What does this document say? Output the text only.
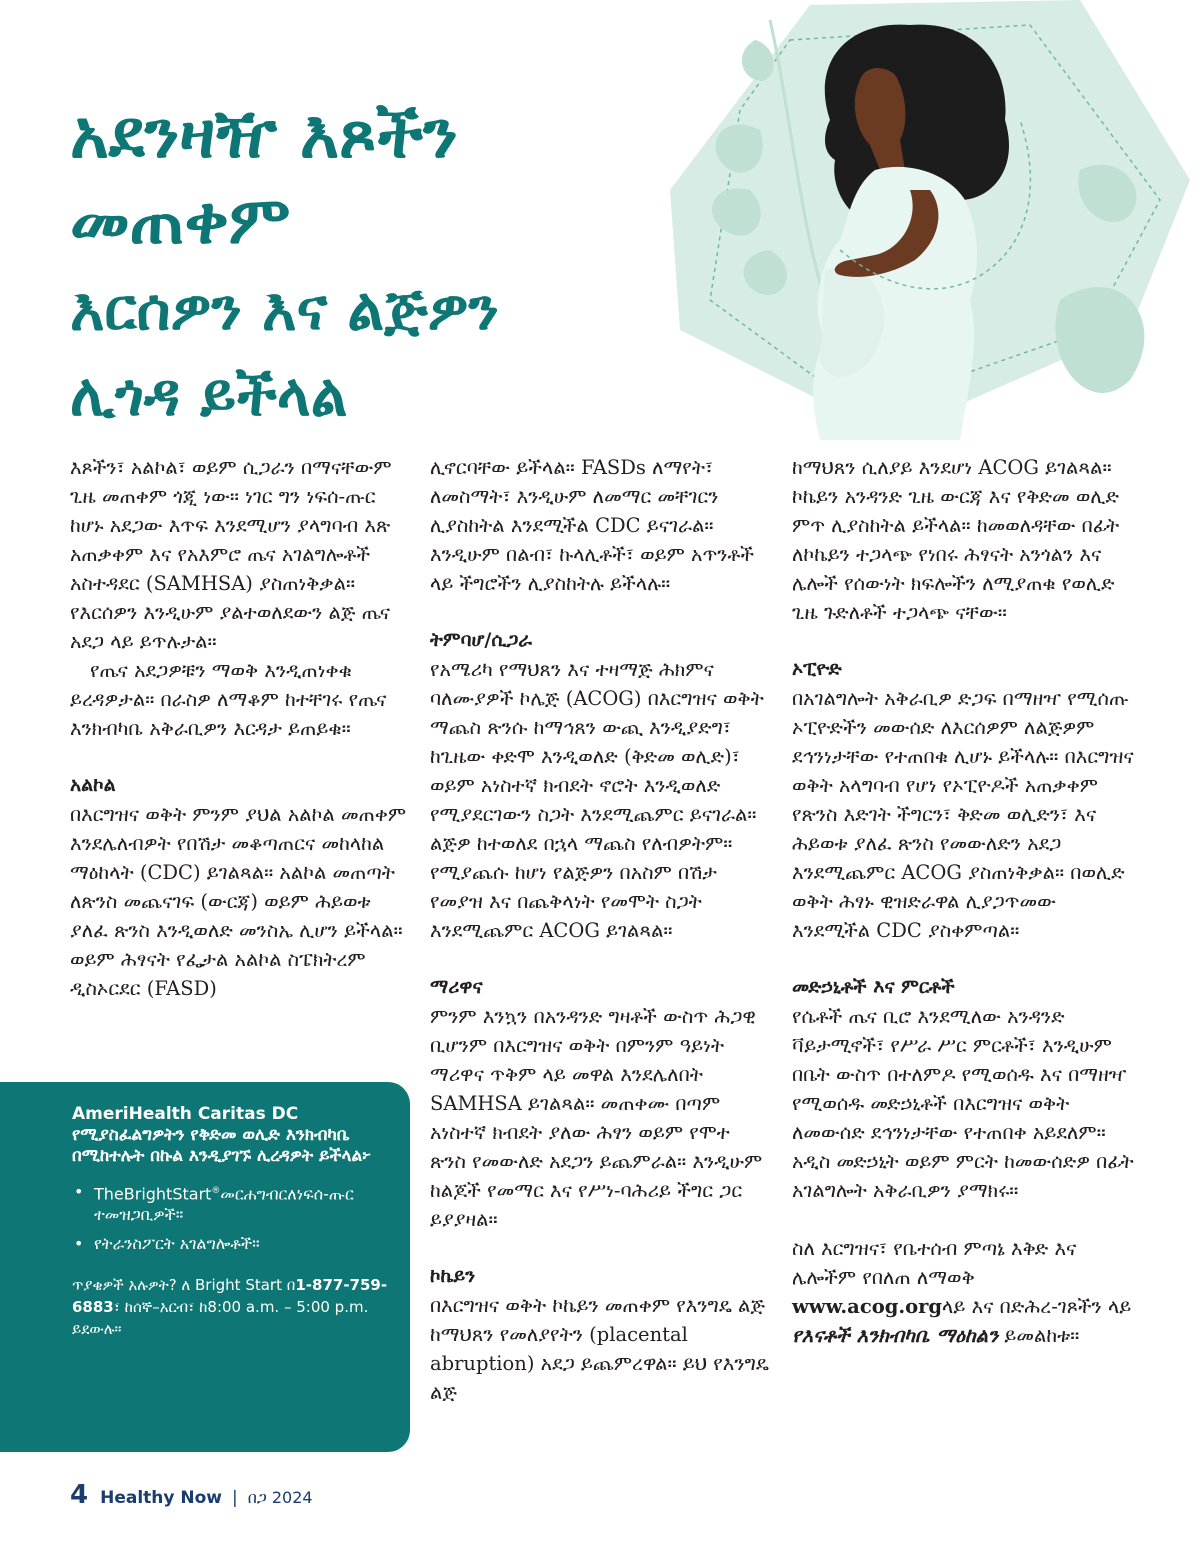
አደንዛዥ እጾችን
መጠቀም
እርሰዎን እና ልጅዎን
ሊጎዳ ይችላል

እጾችን፣ አልኮል፣ ወይም ሲጋራን በማናቸውም ጊዜ መጠቀም ጎጂ ነው። ነገር ግን ነፍሰ-ጡር ከሆኑ አደጋው እጥፍ እንደሚሆን ያላግባብ እጽ አጠቃቀም እና የአእምሮ ጤና አገልግሎቶች አስተዳደር (SAMHSA) ያስጠነቅቃል። የእርሰዎን እንዲሁም ያልተወለደውን ልጅ ጤና አደጋ ላይ ይጥሉታል።

የጤና አደጋዎቹን ማወቅ እንዲጠነቀቁ ይረዳዎታል። በራስዎ ለማቆም ከተቸገሩ የጤና እንክብካቤ አቅራቢዎን እርዳታ ይጠይቁ።

አልኮል

በእርግዝና ወቅት ምንም ያህል አልኮል መጠቀም እንደሌለብዎት የበሽታ መቆጣጠርና መከላከል ማዕከላት (CDC) ይገልጻል። አልኮል መጠጣት ለጽንስ መጨናገፍ (ውርጃ) ወይም ሕይወቱ ያለፈ ጽንስ እንዲወለድ መንስኤ ሊሆን ይችላል። ወይም ሕፃናት የፌታል አልኮል ስፔክትረም ዲስኦርደር (FASD)

ሊኖርባቸው ይችላል። FASDs ለማየት፣ ለመስማት፣ እንዲሁም ለመማር መቸገርን ሊያስከትል እንደሚችል CDC ይናገራል። እንዲሁም በልብ፣ ኩላሊቶች፣ ወይም አጥንቶች ላይ ችግሮችን ሊያስከትሉ ይችላሉ።

ትምባሆ/ሲጋራ

የአሜሪካ የማህጸን እና ተዛማጅ ሕክምና ባለሙያዎች ኮሌጅ (ACOG) በእርግዝና ወቅት ማጨስ ጽንሱ ከማኅጸን ውጪ እንዲያድግ፣ ከጊዜው ቀድሞ እንዲወለድ (ቅድመ ወሊድ)፣ ወይም አነስተኛ ክብደት ኖሮት እንዲወለድ የሚያደርገውን ስጋት እንደሚጨምር ይናገራል። ልጅዎ ከተወለደ በኋላ ማጨስ የለብዎትም። የሚያጨሱ ከሆነ የልጅዎን በአስም በሽታ የመያዝ እና በጨቅላነት የመሞት ስጋት እንደሚጨምር ACOG ይገልጻል።

ማሪዋና

ምንም እንኳን በአንዳንድ ግዛቶች ውስጥ ሕጋዊ ቢሆንም በእርግዝና ወቅት በምንም ዓይነት ማሪዋና ጥቅም ላይ መዋል እንደሌለበት SAMHSA ይገልጻል። መጠቀሙ በጣም አነስተኛ ክብደት ያለው ሕፃን ወይም የሞተ ጽንስ የመውለድ አደጋን ይጨምራል። እንዲሁም ከልጆች የመማር እና የሥነ-ባሕሪይ ችግር ጋር ይያያዛል።

ኮኬይን

በእርግዝና ወቅት ኮኬይን መጠቀም የእንግዴ ልጅ ከማህጸን የመለያየትን (placental abruption) አደጋ ይጨምረዋል። ይህ የእንግዴ ልጅ

ከማህጸን ሲለያይ እንደሆነ ACOG ይገልጻል። ኮኬይን አንዳንድ ጊዜ ውርጃ እና የቅድመ ወሊድ ምጥ ሊያስከትል ይችላል። ከመወለዳቸው በፊት ለኮኬይን ተጋላጭ የነበሩ ሕፃናት አንጎልን እና ሌሎች የሰውነት ክፍሎችን ለሚያጠቁ የወሊድ ጊዜ ጉድለቶች ተጋላጭ ናቸው።

ኦፒዮድ

በአገልግሎት አቅራቢዎ ድጋፍ በማዘዣ የሚሰጡ ኦፒዮድችን መውሰድ ለእርሰዎም ለልጅዎም ደኅንነታቸው የተጠበቁ ሊሆኑ ይችላሉ። በእርግዝና ወቅት አላግባብ የሆነ የኦፒዮዶች አጠቃቀም የጽንስ እድገት ችግርን፣ ቅድመ ወሊድን፣ እና ሕይወቱ ያለፈ ጽንስ የመውለድን አደጋ እንደሚጨምር ACOG ያስጠነቅቃል። በወሊድ ወቅት ሕፃኑ ዊዝድራዋል ሊያጋጥመው እንደሚችል CDC ያስቀምጣል።

መድኃኒቶች እና ምርቶች

የሴቶች ጤና ቢሮ እንደሚለው አንዳንድ ቫይታሚኖች፣ የሥራ ሥር ምርቶች፣ እንዲሁም በቤት ውስጥ በተለምዶ የሚወሰዱ እና በማዘዣ የሚወሰዱ መድኃኒቶች በእርግዝና ወቅት ለመውሰድ ደኅንነታቸው የተጠበቀ አይደለም። አዲስ መድኃኒት ወይም ምርት ከመውሰድዎ በፊት አገልግሎት አቅራቢዎን ያማክሩ።

ስለ እርግዝና፣ የቤተሰብ ምጣኔ እቅድ እና ሌሎችም የበለጠ ለማወቅ www.acog.orgላይ እና በድሕረ-ገጾችን ላይ የእናቶች እንክብካቤ ማዕከልን ይመልከቱ።

AmeriHealth Caritas DC
የሚያስፈልግዎትን የቅድመ ወሊድ እንክብካቤ በሚከተሉት በኩል እንዲያገኙ ሊረዳዎት ይችላል፦

• TheBrightStart®መርሐግብርለነፍሰ-ጡር ተመዝጋቢዎች።
• የትራንስፖርት አገልግሎቶች።

ጥያቄዎች አሉዎት? ለ Bright Start በ1-877-759-6883፣ ከሰኞ–አርብ፣ ከ8:00 a.m. – 5:00 p.m. ይደውሉ።

4 Healthy Now | በጋ 2024
